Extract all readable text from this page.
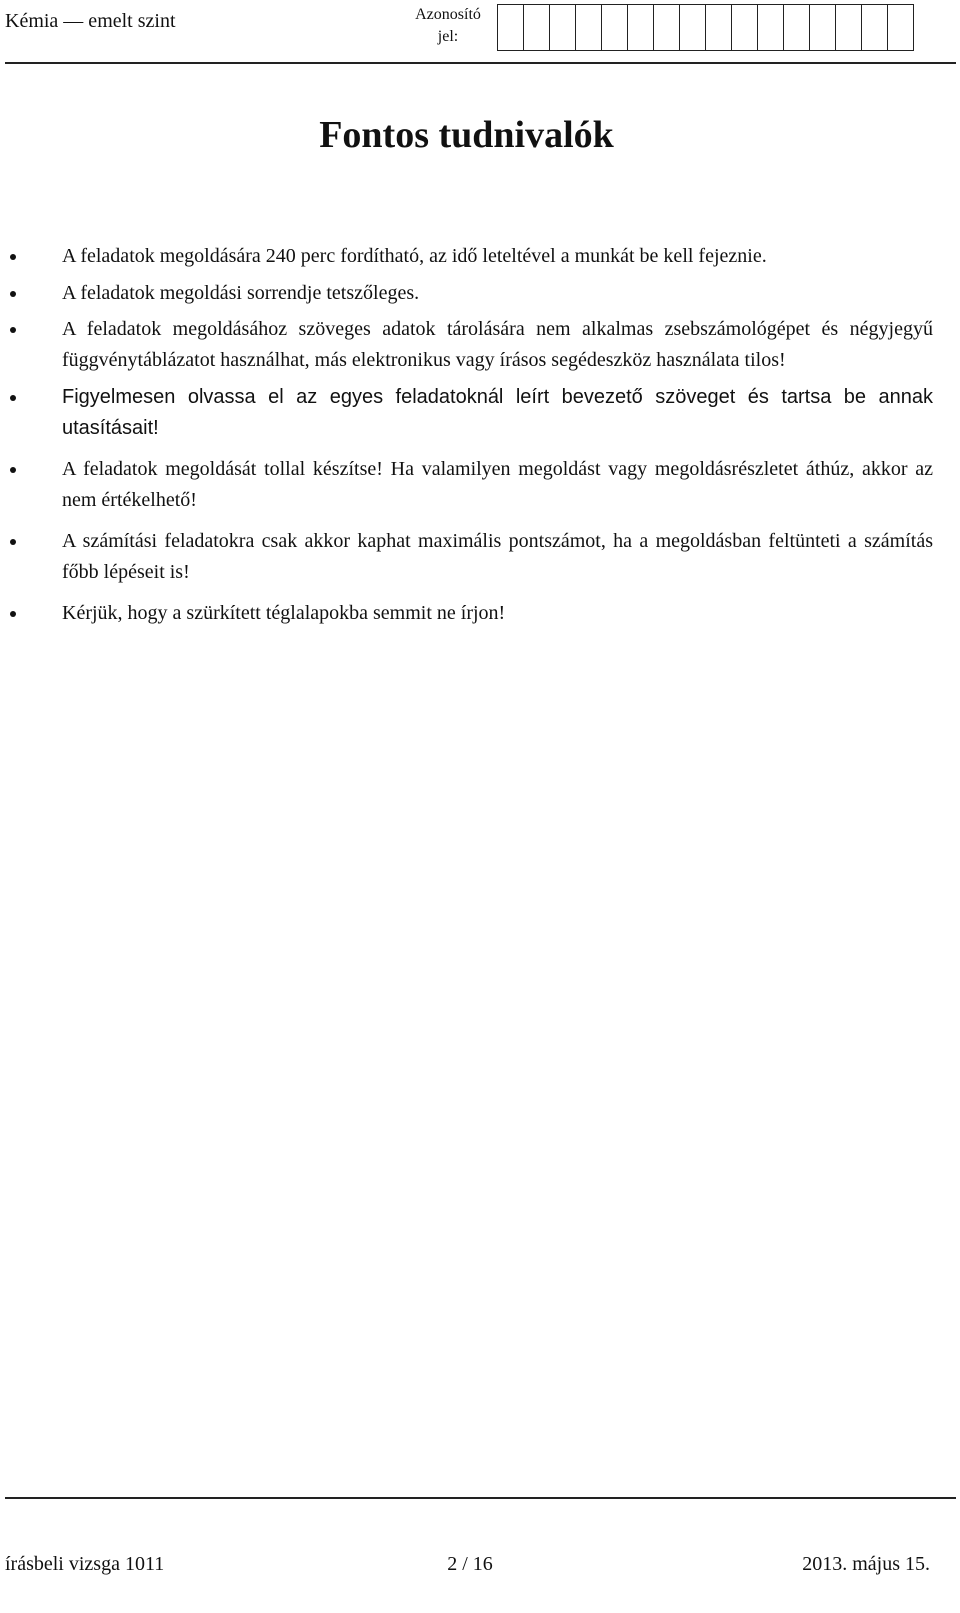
Kémia — emelt szint	Azonosító
jel:
Fontos tudnivalók
A feladatok megoldására 240 perc fordítható, az idő leteltével a munkát be kell fejeznie.
A feladatok megoldási sorrendje tetszőleges.
A feladatok megoldásához szöveges adatok tárolására nem alkalmas zsebszámológépet és négyjegyű függvénytáblázatot használhat, más elektronikus vagy írásos segédeszköz használata tilos!
Figyelmesen olvassa el az egyes feladatoknál leírt bevezető szöveget és tartsa be annak utasításait!
A feladatok megoldását tollal készítse! Ha valamilyen megoldást vagy megoldásrészletet áthúz, akkor az nem értékelhető!
A számítási feladatokra csak akkor kaphat maximális pontszámot, ha a megoldásban feltünteti a számítás főbb lépéseit is!
Kérjük, hogy a szürkített téglalapokba semmit ne írjon!
írásbeli vizsga 1011	2 / 16	2013. május 15.
